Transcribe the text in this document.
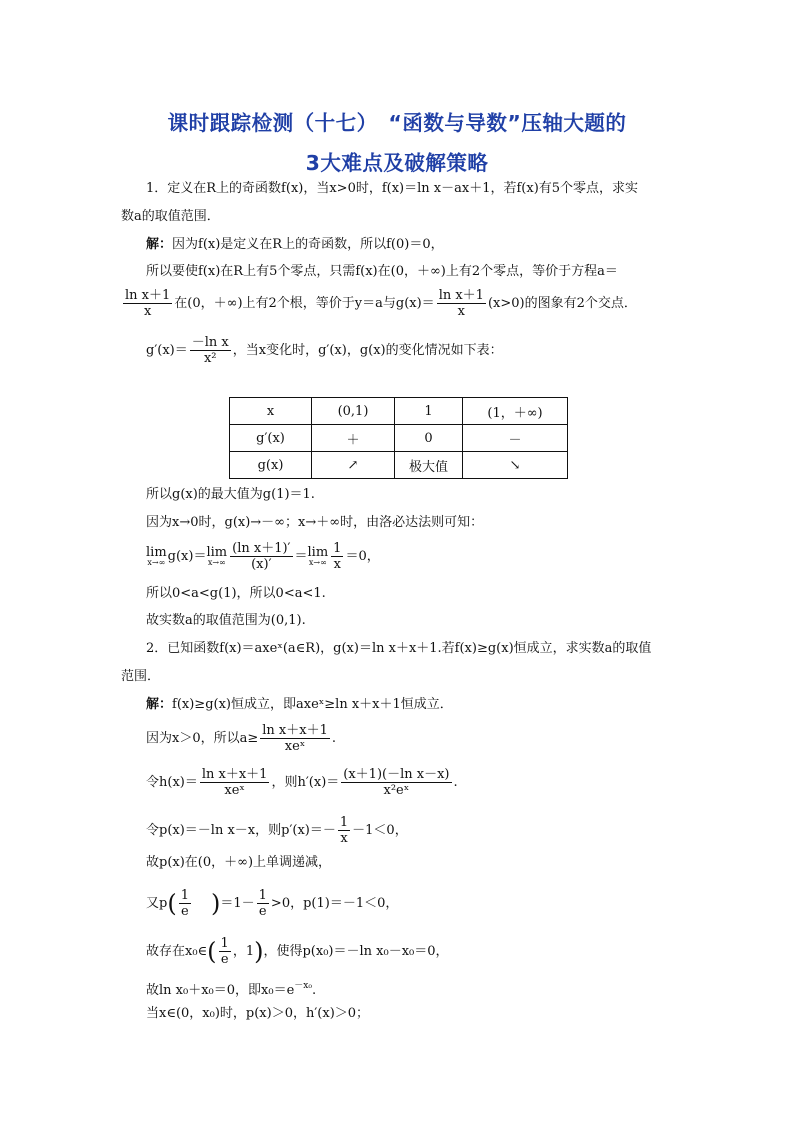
课时跟踪检测（十七）　“函数与导数”压轴大题的
3大难点及破解策略
1．定义在R上的奇函数f(x)，当x>0时，f(x)＝ln x－ax＋1，若f(x)有5个零点，求实
数a的取值范围．
解：因为f(x)是定义在R上的奇函数，所以f(0)＝0，
所以要使f(x)在R上有5个零点，只需f(x)在(0，＋∞)上有2个零点，等价于方程a＝
$\frac{\text{ln x＋1}}{x}$ 在(0，＋∞)上有2个根，等价于y＝a与$g(x)= \frac{\text{ln x＋1}}{x} (x>0)$的图象有2个交点．
$g'(x)= \frac{\text{－ln x}}{\text{x²}}$ ，当x变化时，g′(x)，g(x)的变化情况如下表：
x	(0,1)	1	(1，＋∞)
g′(x)	＋	0	－
g(x)	↗	极大值	↘
所以g(x)的最大值为g(1)＝1.
因为x→0时，g(x)→－∞；x→＋∞时，由洛必达法则可知：
lim
x→∞ g(x)＝ lim
$x\to\infty \frac{\text{(ln x＋1)′}}{(x)'} = \lim$
$x\to\infty \frac{1}{x} =0$，
所以0<a<g(1)，所以0<a<1.
故实数a的取值范围为(0,1).
2．已知函数f(x)＝axeˣ(a∈R)，g(x)＝ln x＋x＋1.若f(x)≥g(x)恒成立，求实数a的取值
范围．
解：f(x)≥g(x)恒成立，即axeˣ≥ln x＋x＋1恒成立．
因为x＞0，所以$a\ge \frac{\text{ln x＋x＋1}}{\text{xeˣ}}$ .
令$h(x)= \frac{\text{ln x＋x＋1}}{\text{xeˣ}}$ ，则$h'(x)= \frac{\text{(x＋1)(－ln x－x)}}{\text{x²eˣ}}$ .
令p(x)＝－ln x－x，则$p'(x)=- \frac{1}{x} -1<0$，
故p(x)在(0，＋∞)上单调递减，
又$p( \frac{1}{e} )=1- \frac{1}{e} >0$，p(1)＝－1＜0，
故存在x₀∈( $\frac{1}{e}$ ，1)，使得p(x₀)＝－ln x₀－x₀＝0，
故ln x₀＋x₀＝0，即$x_0=e^{-x_0}$.
当x∈(0，x₀)时，p(x)＞0，h′(x)＞0；
